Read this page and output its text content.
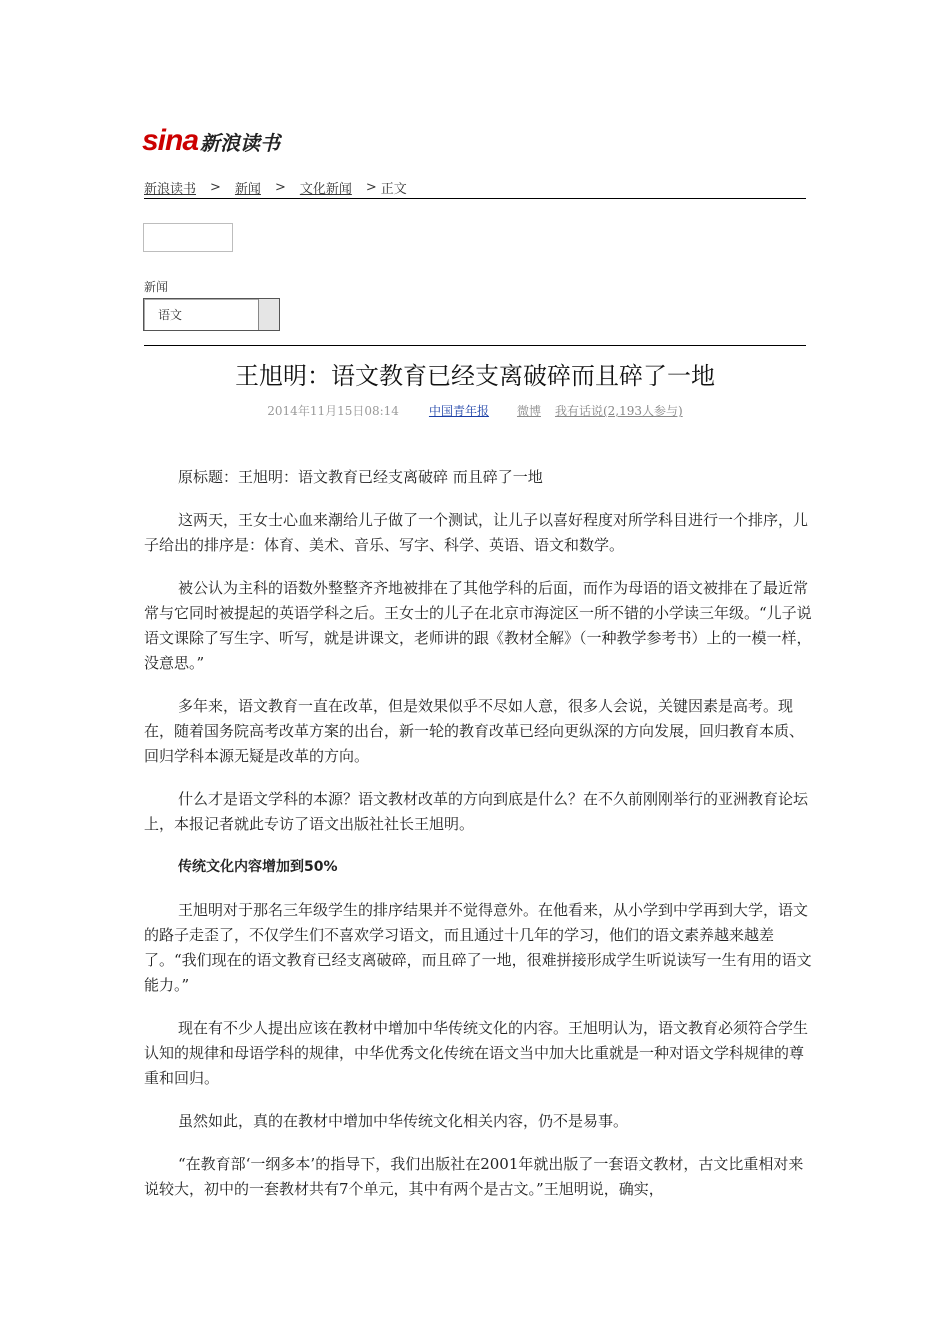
sina 新浪读书
新浪读书 > 新闻 > 文化新闻 > 正文
新闻
语文
王旭明：语文教育已经支离破碎而且碎了一地
2014年11月15日08:14	中国青年报 微博 我有话说(2,193人参与)

原标题：王旭明：语文教育已经支离破碎 而且碎了一地

这两天，王女士心血来潮给儿子做了一个测试，让儿子以喜好程度对所学科目进行一个排序，儿子给出的排序是：体育、美术、音乐、写字、科学、英语、语文和数学。

被公认为主科的语数外整整齐齐地被排在了其他学科的后面，而作为母语的语文被排在了最近常常与它同时被提起的英语学科之后。王女士的儿子在北京市海淀区一所不错的小学读三年级。“儿子说语文课除了写生字、听写，就是讲课文，老师讲的跟《教材全解》（一种教学参考书）上的一模一样，没意思。”

多年来，语文教育一直在改革，但是效果似乎不尽如人意，很多人会说，关键因素是高考。现在，随着国务院高考改革方案的出台，新一轮的教育改革已经向更纵深的方向发展，回归教育本质、回归学科本源无疑是改革的方向。

什么才是语文学科的本源？语文教材改革的方向到底是什么？在不久前刚刚举行的亚洲教育论坛上，本报记者就此专访了语文出版社社长王旭明。

传统文化内容增加到50%

王旭明对于那名三年级学生的排序结果并不觉得意外。在他看来，从小学到中学再到大学，语文的路子走歪了，不仅学生们不喜欢学习语文，而且通过十几年的学习，他们的语文素养越来越差了。“我们现在的语文教育已经支离破碎，而且碎了一地，很难拼接形成学生听说读写一生有用的语文能力。”

现在有不少人提出应该在教材中增加中华传统文化的内容。王旭明认为，语文教育必须符合学生认知的规律和母语学科的规律，中华优秀文化传统在语文当中加大比重就是一种对语文学科规律的尊重和回归。

虽然如此，真的在教材中增加中华传统文化相关内容，仍不是易事。

“在教育部‘一纲多本’的指导下，我们出版社在2001年就出版了一套语文教材，古文比重相对来说较大，初中的一套教材共有7个单元，其中有两个是古文。”王旭明说，确实，
